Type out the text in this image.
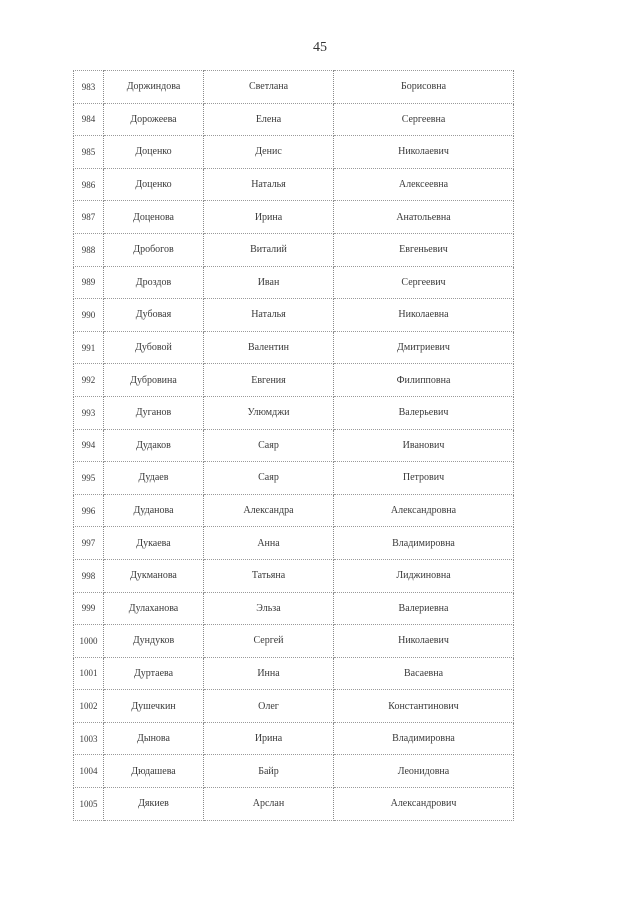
45
983	Доржиндова	Светлана	Борисовна
984	Дорожеева	Елена	Сергеевна
985	Доценко	Денис	Николаевич
986	Доценко	Наталья	Алексеевна
987	Доценова	Ирина	Анатольевна
988	Дробогов	Виталий	Евгеньевич
989	Дроздов	Иван	Сергеевич
990	Дубовая	Наталья	Николаевна
991	Дубовой	Валентин	Дмитриевич
992	Дубровина	Евгения	Филипповна
993	Дуганов	Улюмджи	Валерьевич
994	Дудаков	Саяр	Иванович
995	Дудаев	Саяр	Петрович
996	Дуданова	Александра	Александровна
997	Дукаева	Анна	Владимировна
998	Дукманова	Татьяна	Лиджиновна
999	Дулаханова	Эльза	Валериевна
1000	Дундуков	Сергей	Николаевич
1001	Дуртаева	Инна	Васаевна
1002	Душечкин	Олег	Константинович
1003	Дынова	Ирина	Владимировна
1004	Дюдашева	Байр	Леонидовна
1005	Дякиев	Арслан	Александрович
